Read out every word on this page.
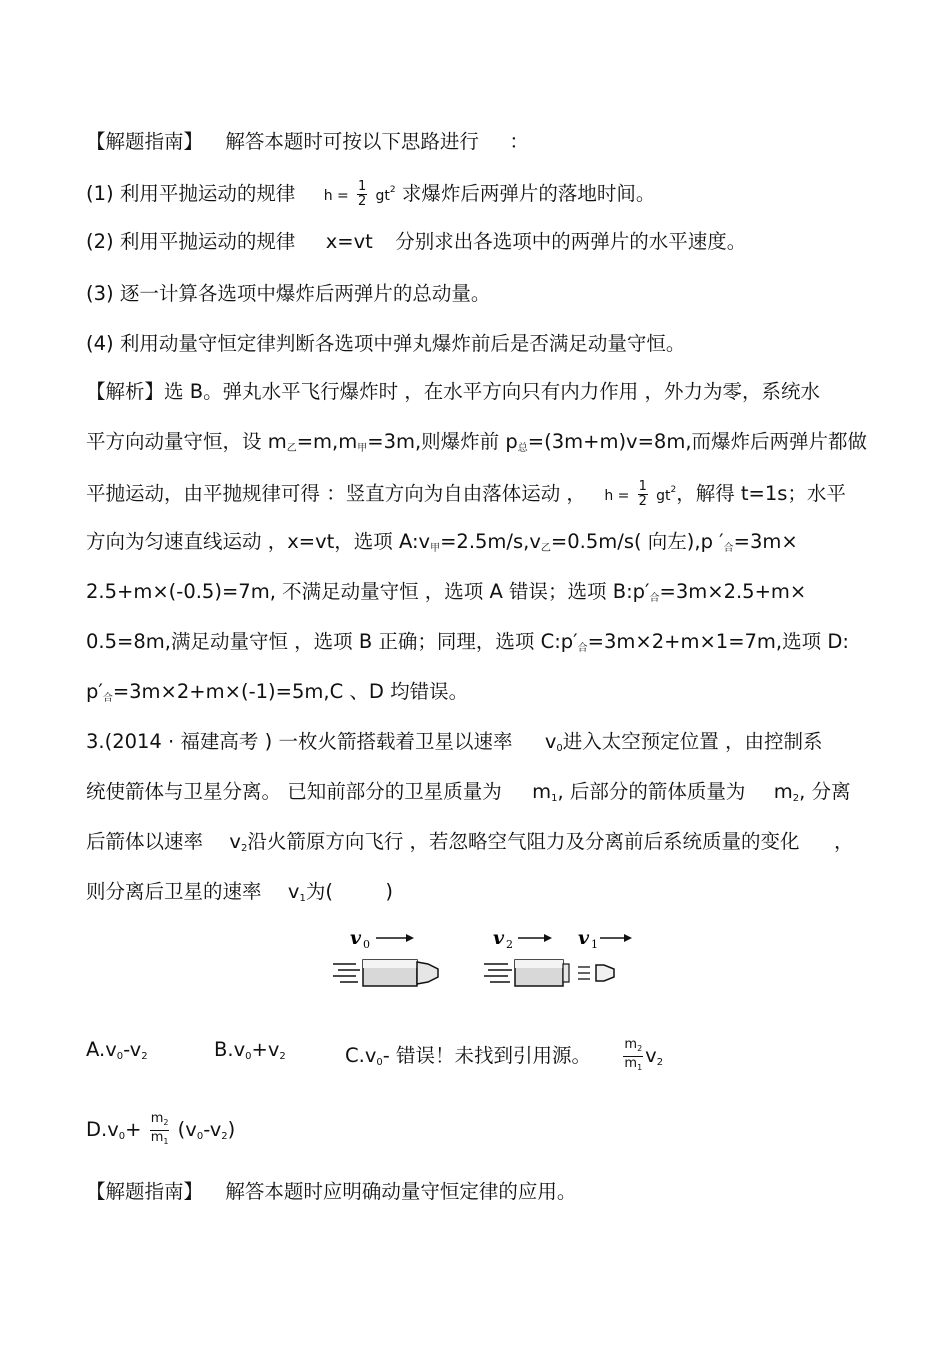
【解题指南】 解答本题时可按以下思路进行 ：
(1) 利用平抛运动的规律 $h = \frac{1}{2} gt^2$ 求爆炸后两弹片的落地时间。
(2) 利用平抛运动的规律 x=vt 分别求出各选项中的两弹片的水平速度。
(3) 逐一计算各选项中爆炸后两弹片的总动量。
(4) 利用动量守恒定律判断各选项中弹丸爆炸前后是否满足动量守恒。
【解析】选 B。弹丸水平飞行爆炸时 ，在水平方向只有内力作用 ，外力为零，系统水
平方向动量守恒，设 $m_乙=m,m_甲=3m$,则爆炸前 $p_总=(3m+m)v=8m$,而爆炸后两弹片都做
平抛运动，由平抛规律可得 ：竖直方向为自由落体运动 ， $h = \frac{1}{2} gt^2$，解得 t=1s；水平
方向为匀速直线运动 ，x=vt，选项 $A:v_甲=2.5m/s,v_乙=0.5m/s$( 向左),p $'_合=3m\times$
2.5+m×(-0.5)=7m, 不满足动量守恒 ，选项 A 错误；选项 $B:p'_合=3m\times 2.5+m\times$
0.5=8m,满足动量守恒 ，选项 B 正确；同理，选项 $C:p'_合=3m\times 2+m\times 1=7m$,选项 D:
$p'_合=3m\times 2+m\times(-1)=5m,C$ 、D 均错误。
3.(2014 · 福建高考 ) 一枚火箭搭载着卫星以速率 $v_0$进入太空预定位置 ，由控制系
统使箭体与卫星分离。 已知前部分的卫星质量为 $m_1$, 后部分的箭体质量为 $m_2$, 分离
后箭体以速率 $v_2$沿火箭原方向飞行 ，若忽略空气阻力及分离前后系统质量的变化 ，
则分离后卫星的速率 $v_1$为(	)
v 0	v 2	v 1
$A.v_0-v_2$	$B.v_0+v_2$	$C.v_0-$ 错误！未找到引用源。 $\frac{m_2}{m_1} v_2$
$D.v_0+ \frac{m_2}{m_1} (v_0-v_2)$
【解题指南】 解答本题时应明确动量守恒定律的应用。
